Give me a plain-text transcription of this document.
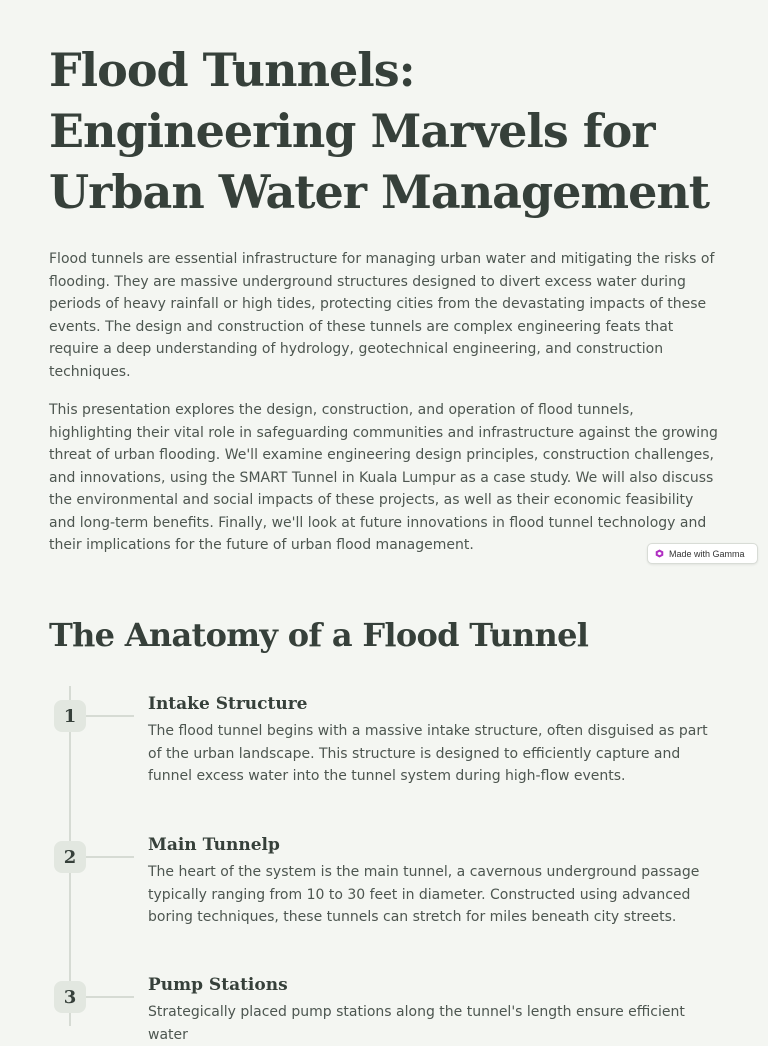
Flood Tunnels:
Engineering Marvels for
Urban Water Management

Flood tunnels are essential infrastructure for managing urban water and mitigating the risks of flooding. They are massive underground structures designed to divert excess water during periods of heavy rainfall or high tides, protecting cities from the devastating impacts of these events. The design and construction of these tunnels are complex engineering feats that require a deep understanding of hydrology, geotechnical engineering, and construction techniques.

This presentation explores the design, construction, and operation of flood tunnels, highlighting their vital role in safeguarding communities and infrastructure against the growing threat of urban flooding. We'll examine engineering design principles, construction challenges, and innovations, using the SMART Tunnel in Kuala Lumpur as a case study. We will also discuss the environmental and social impacts of these projects, as well as their economic feasibility and long-term benefits. Finally, we'll look at future innovations in flood tunnel technology and their implications for the future of urban flood management.

Made with Gamma
The Anatomy of a Flood Tunnel
1
Intake Structure

The flood tunnel begins with a massive intake structure, often disguised as part of the urban landscape. This structure is designed to efficiently capture and funnel excess water into the tunnel system during high-flow events.

2
Main Tunnelp

The heart of the system is the main tunnel, a cavernous underground passage typically ranging from 10 to 30 feet in diameter. Constructed using advanced boring techniques, these tunnels can stretch for miles beneath city streets.

3
Pump Stations

Strategically placed pump stations along the tunnel's length ensure efficient water
